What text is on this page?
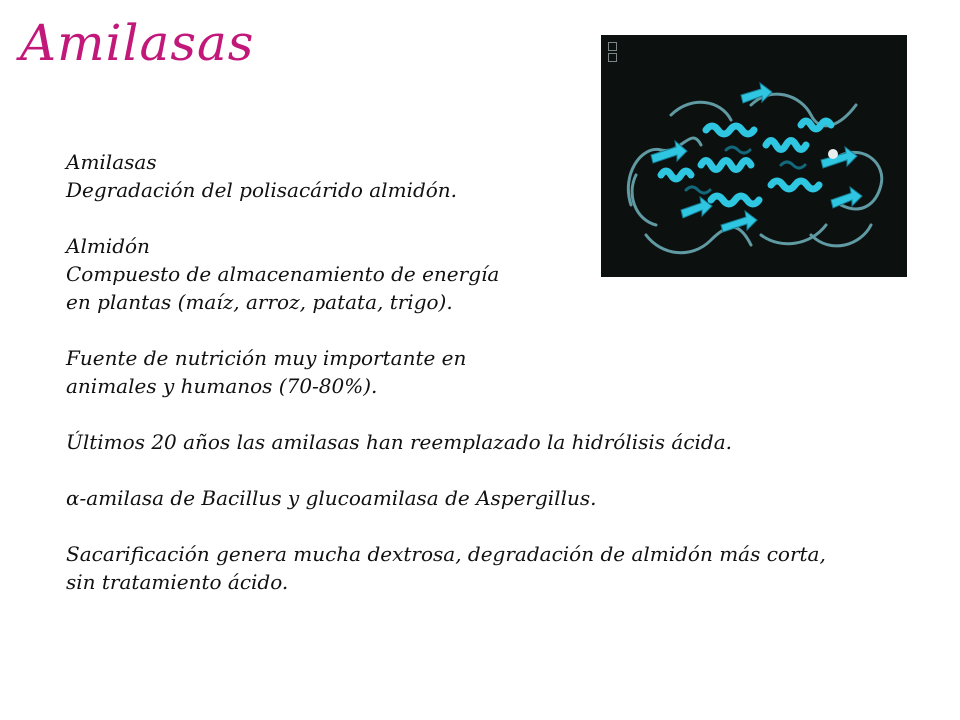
Amilasas

Amilasas

Degradación del polisacárido almidón.

Almidón

Compuesto de almacenamiento de energía

en plantas (maíz, arroz, patata, trigo).

Fuente de nutrición muy importante en

animales y humanos (70-80%).

Últimos 20 años las amilasas han reemplazado la hidrólisis ácida.

α-amilasa de Bacillus y glucoamilasa de Aspergillus.

Sacarificación genera mucha dextrosa, degradación de almidón más corta,

sin tratamiento ácido.
